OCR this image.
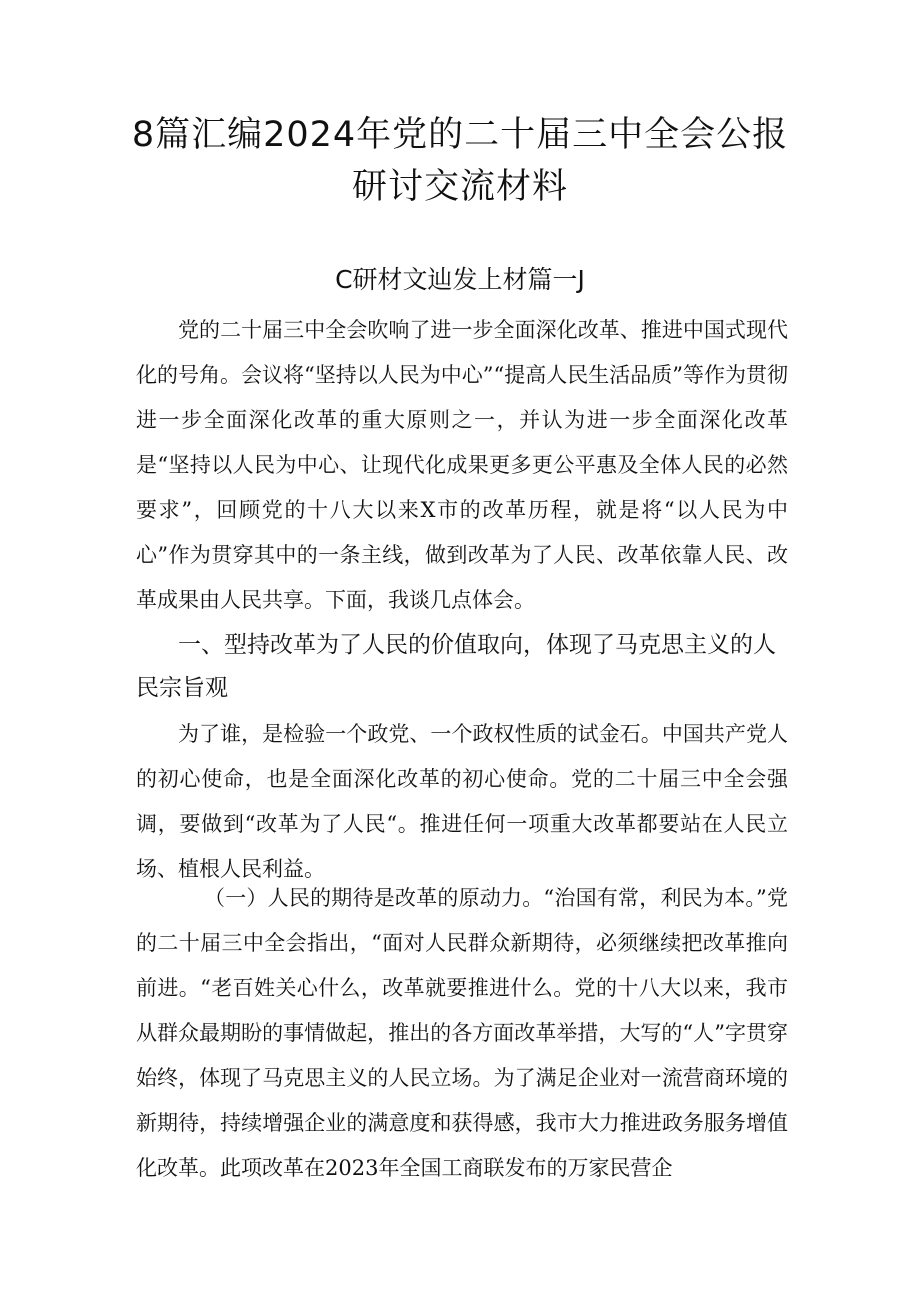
8篇汇编2024年党的二十届三中全会公报
研讨交流材料
C研材文辿发上材篇一J

党的二十届三中全会吹响了进一步全面深化改革、推进中国式现代化的号角。会议将“坚持以人民为中心”“提高人民生活品质”等作为贯彻进一步全面深化改革的重大原则之一，并认为进一步全面深化改革是“坚持以人民为中心、让现代化成果更多更公平惠及全体人民的必然要求”，回顾党的十八大以来X市的改革历程，就是将“以人民为中心”作为贯穿其中的一条主线，做到改革为了人民、改革依靠人民、改革成果由人民共享。下面，我谈几点体会。

一、型持改革为了人民的价值取向，体现了马克思主义的人民宗旨观

为了谁，是检验一个政党、一个政权性质的试金石。中国共产党人的初心使命，也是全面深化改革的初心使命。党的二十届三中全会强调，要做到“改革为了人民“。推进任何一项重大改革都要站在人民立场、植根人民利益。

（一）人民的期待是改革的原动力。“治国有常，利民为本。”党的二十届三中全会指出，“面对人民群众新期待，必须继续把改革推向前进。“老百姓关心什么，改革就要推进什么。党的十八大以来，我市从群众最期盼的事情做起，推出的各方面改革举措，大写的“人”字贯穿始终，体现了马克思主义的人民立场。为了满足企业对一流营商环境的新期待，持续增强企业的满意度和获得感，我市大力推进政务服务增值化改革。此项改革在2023年全国工商联发布的万家民营企
